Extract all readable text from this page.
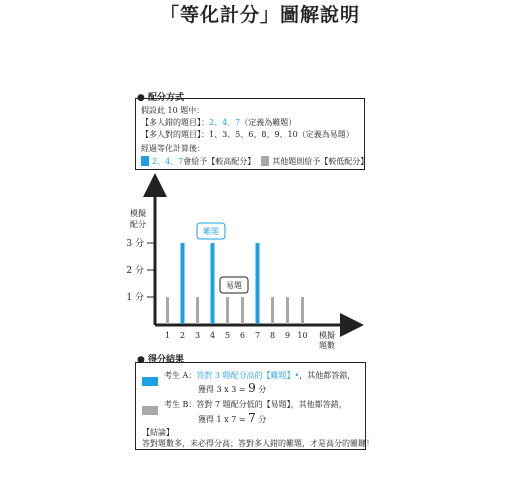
「等化計分」圖解說明
● 配分方式
假設此 10 題中：
【多人錯的題目】：2、4、7（定義為難題）
【多人對的題目】：1、3、5、6、8、9、10（定義為易題）
經過等化計算後：
2、4、7會給予【較高配分】 其他題則給予【較低配分】
模擬
配分
模擬
題數
1 分
2 分
3 分
1 2 3 4 5 6 7 8 9 10
難題
易題
● 得分結果
考生 A：答對 3 題配分高的【難題】•，其他都答錯，
獲得 3 x 3 = 9 分
考生 B：答對 7 題配分低的【易題】，其他都答錯，
獲得 1 x 7 = 7 分
【結論】
答對題數多，未必得分高；答對多人錯的難題，才是高分的關鍵！
